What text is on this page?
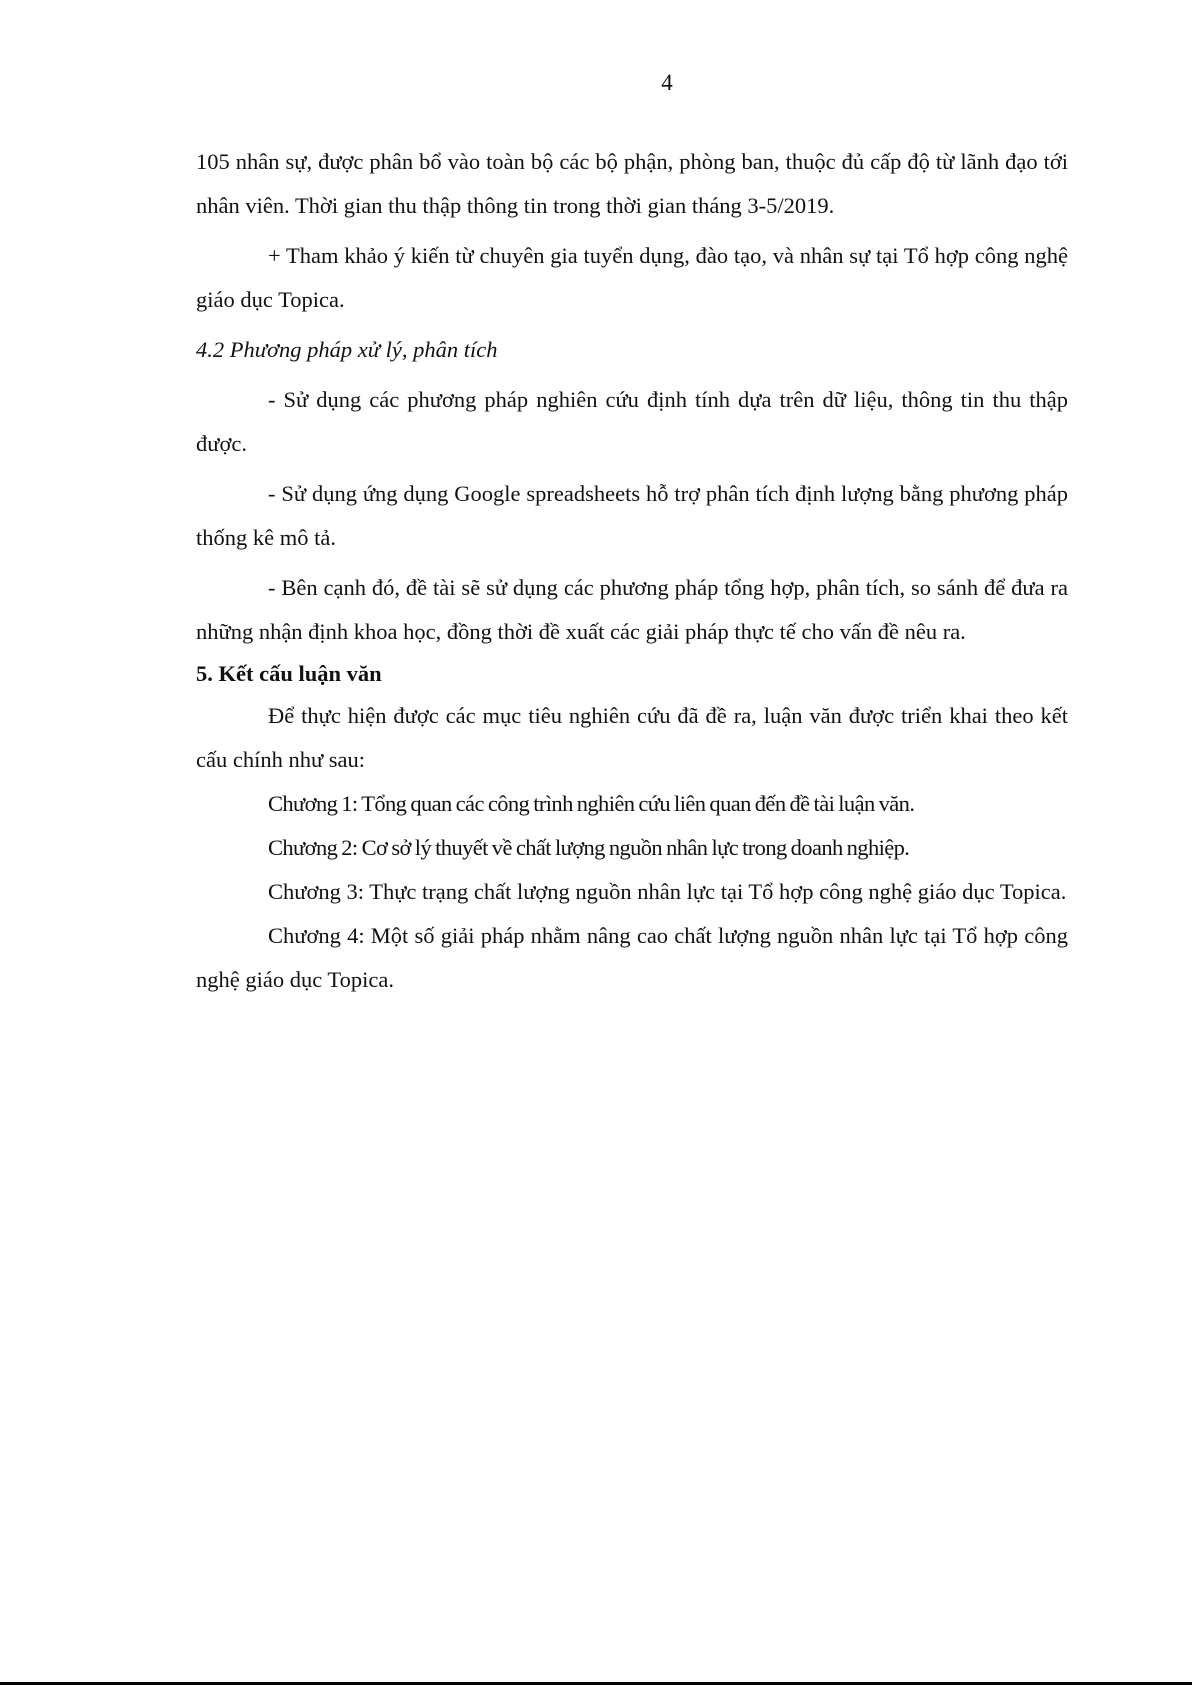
4

105 nhân sự, được phân bổ vào toàn bộ các bộ phận, phòng ban, thuộc đủ cấp độ từ lãnh đạo tới nhân viên. Thời gian thu thập thông tin trong thời gian tháng 3-5/2019.

+ Tham khảo ý kiến từ chuyên gia tuyển dụng, đào tạo, và nhân sự tại Tổ hợp công nghệ giáo dục Topica.

4.2 Phương pháp xử lý, phân tích

- Sử dụng các phương pháp nghiên cứu định tính dựa trên dữ liệu, thông tin thu thập được.

- Sử dụng ứng dụng Google spreadsheets hỗ trợ phân tích định lượng bằng phương pháp thống kê mô tả.

- Bên cạnh đó, đề tài sẽ sử dụng các phương pháp tổng hợp, phân tích, so sánh để đưa ra những nhận định khoa học, đồng thời đề xuất các giải pháp thực tế cho vấn đề nêu ra.

5. Kết cấu luận văn

Để thực hiện được các mục tiêu nghiên cứu đã đề ra, luận văn được triển khai theo kết cấu chính như sau:

Chương 1: Tổng quan các công trình nghiên cứu liên quan đến đề tài luận văn.

Chương 2: Cơ sở lý thuyết về chất lượng nguồn nhân lực trong doanh nghiệp.

Chương 3: Thực trạng chất lượng nguồn nhân lực tại Tổ hợp công nghệ giáo dục Topica.

Chương 4: Một số giải pháp nhằm nâng cao chất lượng nguồn nhân lực tại Tổ hợp công nghệ giáo dục Topica.
